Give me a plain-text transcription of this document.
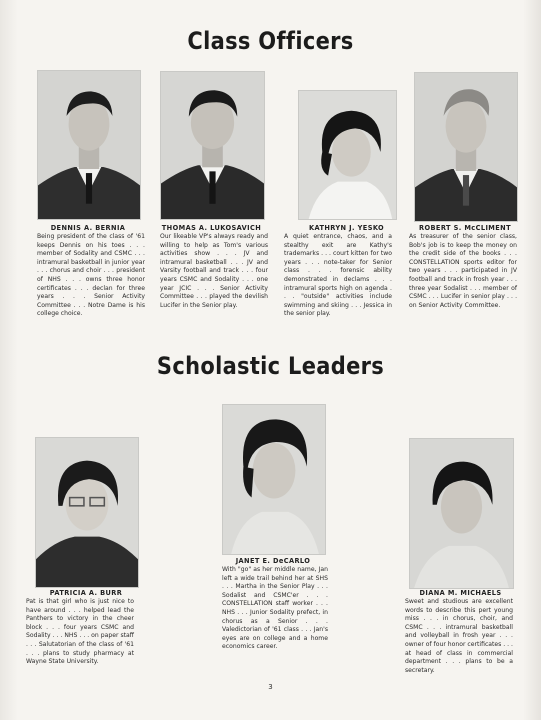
Class Officers
DENNIS A. BERNIA
Being president of the class of '61 keeps Dennis on his toes . . . member of Sodality and CSMC . . . intramural basketball in junior year . . . chorus and choir . . . president of NHS . . . owns three honor certificates . . . declan for three years . . . Senior Activity Committee . . . Notre Dame is his college choice.
THOMAS A. LUKOSAVICH
Our likeable VP's always ready and willing to help as Tom's various activities show . . . JV and intramural basketball . . . JV and Varsity football and track . . . four years CSMC and Sodality . . . one year JCIC . . . Senior Activity Committee . . . played the devilish Lucifer in the Senior play.
KATHRYN J. YESKO
A quiet entrance, chaos, and a stealthy exit are Kathy's trademarks . . . court kitten for two years . . . note-taker for Senior class . . . forensic ability demonstrated in declams . . . intramural sports high on agenda . . . "outside" activities include swimming and skiing . . . Jessica in the senior play.
ROBERT S. McCLIMENT
As treasurer of the senior class, Bob's job is to keep the money on the credit side of the books . . . CONSTELLATION sports editor for two years . . . participated in JV football and track in frosh year . . . three year Sodalist . . . member of CSMC . . . Lucifer in senior play . . . on Senior Activity Committee.
Scholastic Leaders
PATRICIA A. BURR
Pat is that girl who is just nice to have around . . . helped lead the Panthers to victory in the cheer block . . . four years CSMC and Sodality . . . NHS . . . on paper staff . . . Salutatorian of the class of '61 . . . plans to study pharmacy at Wayne State University.
JANET E. DeCARLO
With "go" as her middle name, Jan left a wide trail behind her at SHS . . . Martha in the Senior Play . . . Sodalist and CSMC'er . . . CONSTELLATION staff worker . . . NHS . . . Junior Sodality prefect, in chorus as a Senior . . . Valedictorian of '61 class . . . Jan's eyes are on college and a home economics career.
DIANA M. MICHAELS
Sweet and studious are excellent words to describe this pert young miss . . . in chorus, choir, and CSMC . . . intramural basketball and volleyball in frosh year . . . owner of four honor certificates . . . at head of class in commercial department . . . plans to be a secretary.
3
